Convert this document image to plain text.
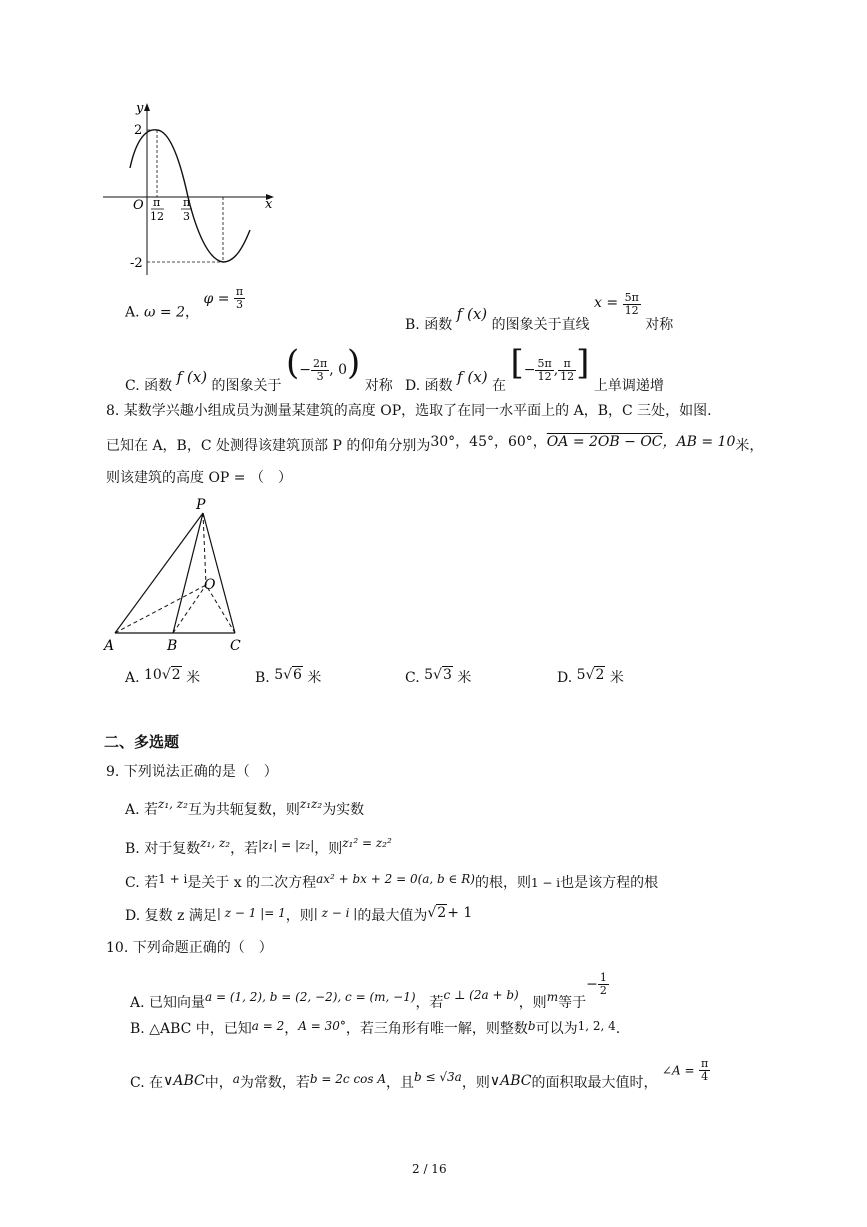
y
x
O
2
-2
π
12
π
3
A. ω = 2， $\varphi = \frac{\pi}{3}$
B. 函数 f (x) 的图象关于直线 $x = \frac{5\pi}{12}$
对称
C. 函数 f (x) 的图象关于 (− $\frac{2\pi}{3}$ , 0) 对称 D. 函数 f (x) 在 [− $\frac{5\pi}{12}$ , $\frac{\pi}{12}$ ] 上单调递增
8. 某数学兴趣小组成员为测量某建筑的高度 OP，选取了在同一水平面上的 A，B，C 三处，如图.
已知在 A，B，C 处测得该建筑顶部 P 的仰角分别为30°，45°，60°，OA = 2OB − OC，AB = 10米，
则该建筑的高度 OP = （　）
P
O
A	B	C
A. 10√2 米	B. 5√6 米	C. 5√3 米	D. 5√2 米
二、多选题
9. 下列说法正确的是（　）
A. 若z₁, z₂互为共轭复数，则z₁z₂为实数
B. 对于复数z₁, z₂，若|z₁| = |z₂|，则z₁² = z₂²
C. 若1 + i是关于 x 的二次方程ax² + bx + 2 = 0(a, b ∈ R)的根，则1 − i也是该方程的根
D. 复数 z 满足| z − 1 |= 1，则| z − i |的最大值为√2+ 1
10. 下列命题正确的（　）
A. 已知向量a = (1, 2), b = (2, −2), c = (m, −1)，若c ⊥ (2a + b)，则m等于− $\frac{1}{2}$
B. △ABC 中，已知a = 2，A = 30°，若三角形有唯一解，则整数b可以为1, 2, 4.
C. 在∨ABC中，a为常数，若b = 2c cos A，且b ≤ √3a，则∨ABC的面积取最大值时， ∠A = $\frac{\pi}{4}$
2 / 16
